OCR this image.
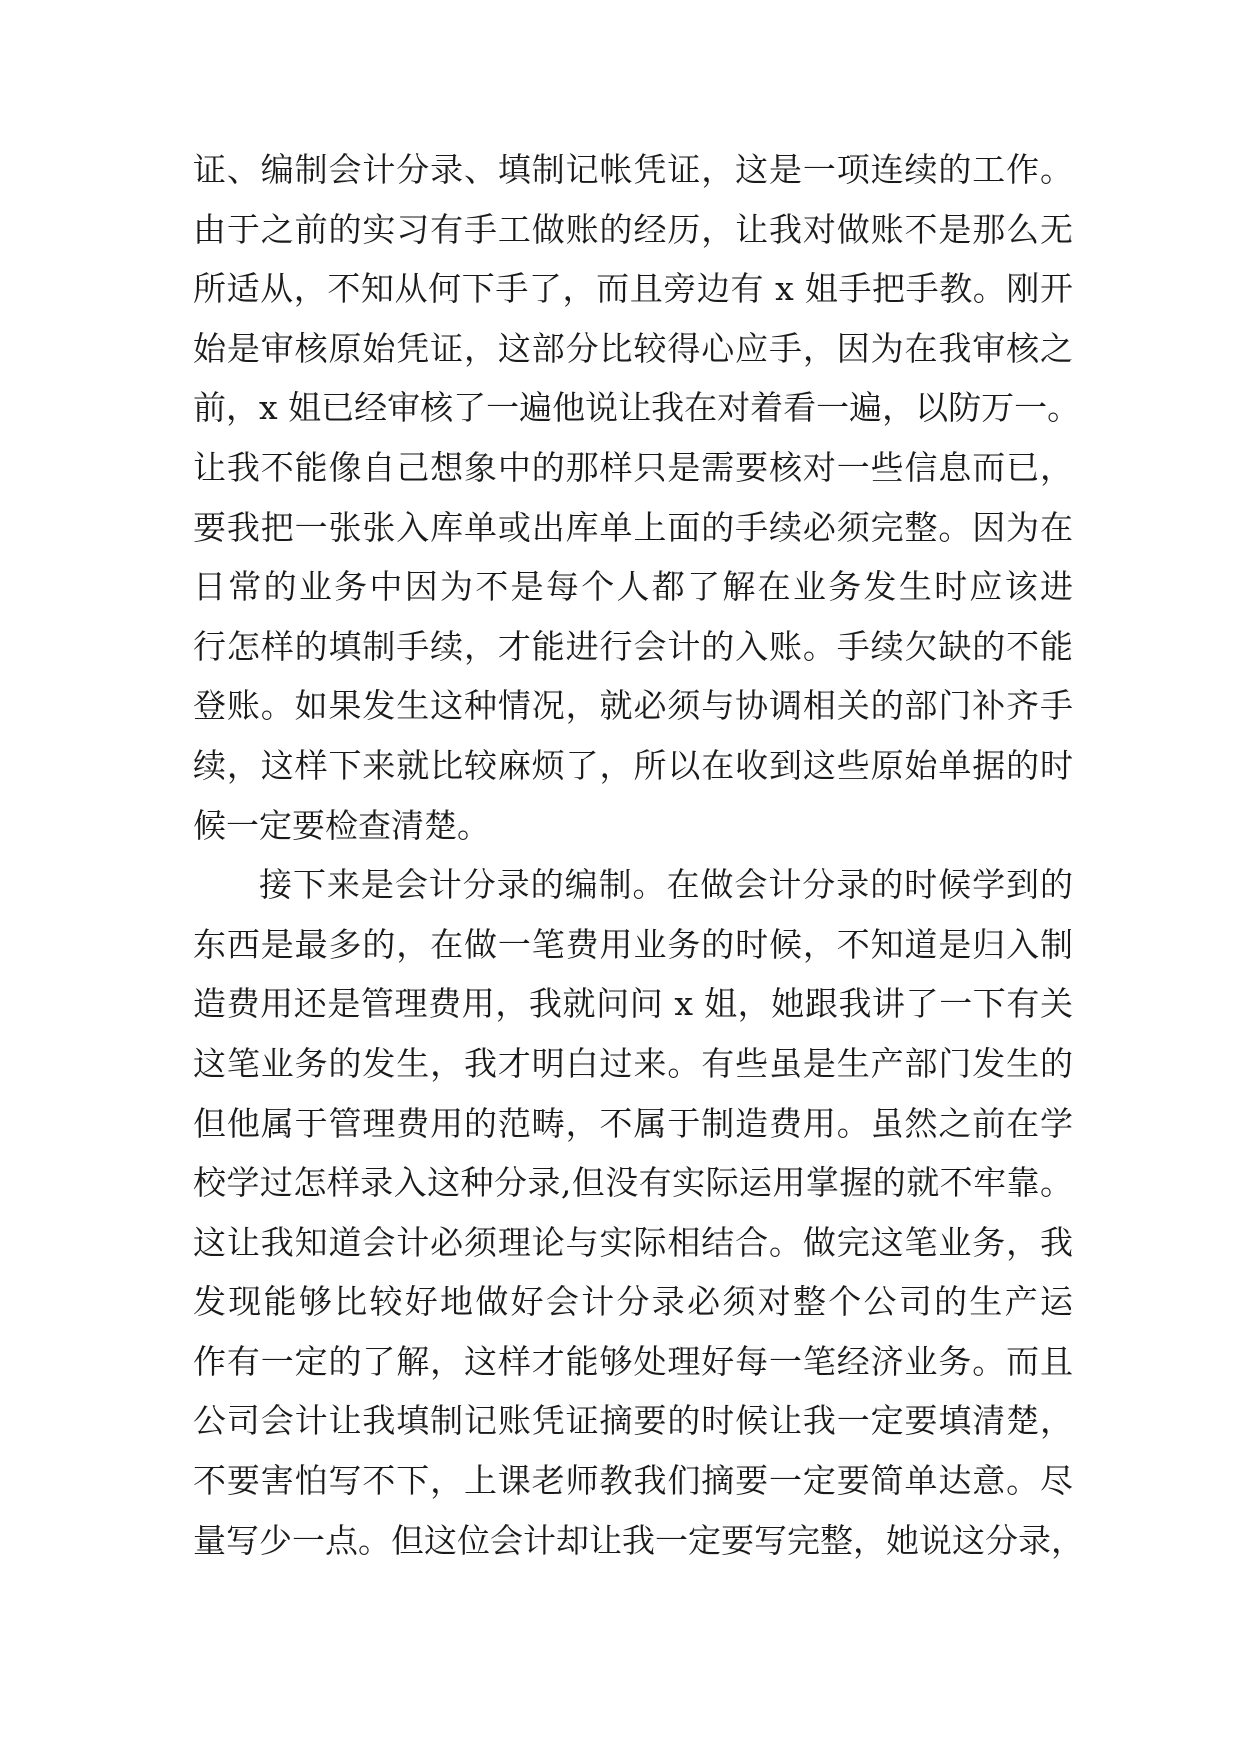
证、编制会计分录、填制记帐凭证，这是一项连续的工作。
由于之前的实习有手工做账的经历，让我对做账不是那么无
所适从，不知从何下手了，而且旁边有 x 姐手把手教。刚开
始是审核原始凭证，这部分比较得心应手，因为在我审核之
前，x 姐已经审核了一遍他说让我在对着看一遍，以防万一。
让我不能像自己想象中的那样只是需要核对一些信息而已，
要我把一张张入库单或出库单上面的手续必须完整。因为在
日常的业务中因为不是每个人都了解在业务发生时应该进
行怎样的填制手续，才能进行会计的入账。手续欠缺的不能
登账。如果发生这种情况，就必须与协调相关的部门补齐手
续，这样下来就比较麻烦了，所以在收到这些原始单据的时
候一定要检查清楚。
接下来是会计分录的编制。在做会计分录的时候学到的
东西是最多的，在做一笔费用业务的时候，不知道是归入制
造费用还是管理费用，我就问问 x 姐，她跟我讲了一下有关
这笔业务的发生，我才明白过来。有些虽是生产部门发生的
但他属于管理费用的范畴，不属于制造费用。虽然之前在学
校学过怎样录入这种分录,但没有实际运用掌握的就不牢靠。
这让我知道会计必须理论与实际相结合。做完这笔业务，我
发现能够比较好地做好会计分录必须对整个公司的生产运
作有一定的了解，这样才能够处理好每一笔经济业务。而且
公司会计让我填制记账凭证摘要的时候让我一定要填清楚，
不要害怕写不下，上课老师教我们摘要一定要简单达意。尽
量写少一点。但这位会计却让我一定要写完整，她说这分录，
